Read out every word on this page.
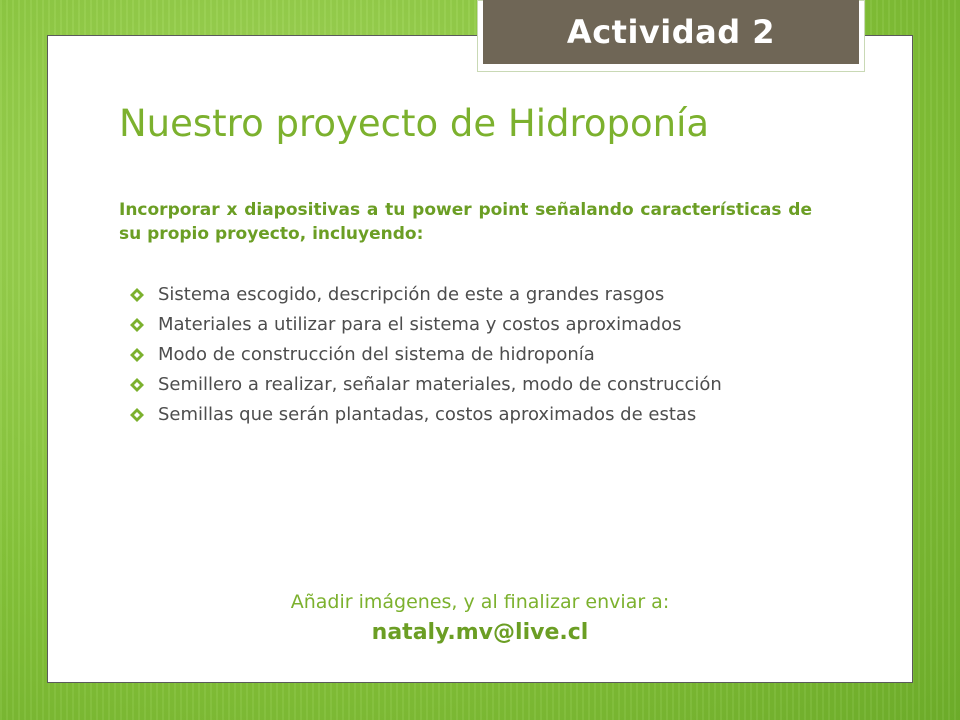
Actividad 2
Nuestro proyecto de Hidroponía

Incorporar x diapositivas a tu power point señalando características de su propio proyecto, incluyendo:

Sistema escogido, descripción de este a grandes rasgos
Materiales a utilizar para el sistema y costos aproximados
Modo de construcción del sistema de hidroponía
Semillero a realizar, señalar materiales, modo de construcción
Semillas que serán plantadas, costos aproximados de estas

Añadir imágenes, y al finalizar enviar a:

nataly.mv@live.cl
